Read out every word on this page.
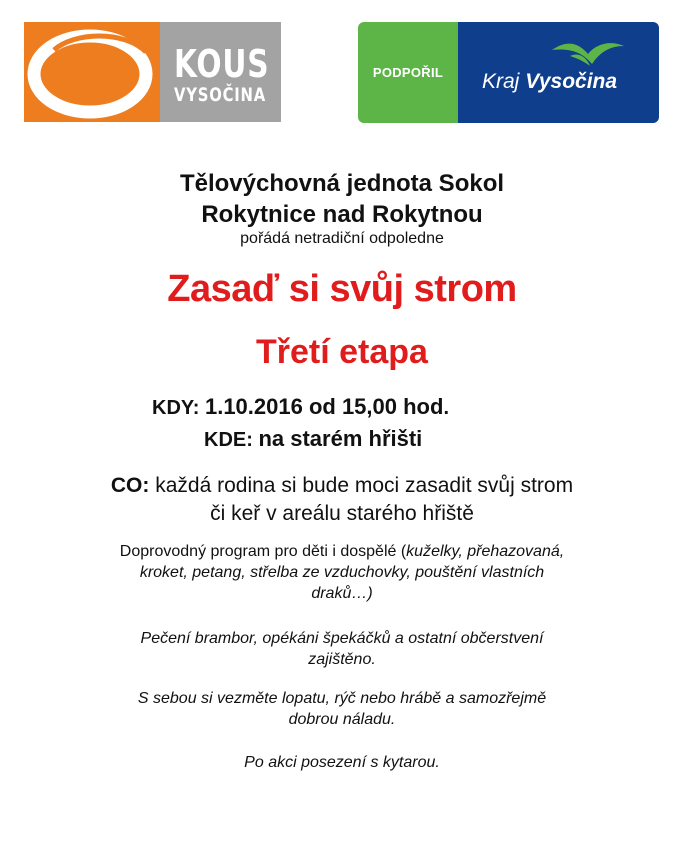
KOUS
VYSOČINA
PODPOŘIL	Kraj Vysočina
Tělovýchovná jednota Sokol
Rokytnice nad Rokytnou
pořádá netradiční odpoledne
Zasaď si svůj strom
Třetí etapa
KDY: 1.10.2016 od 15,00 hod.
KDE: na starém hřišti
CO: každá rodina si bude moci zasadit svůj strom
či keř v areálu starého hřiště
Doprovodný program pro děti i dospělé (kuželky, přehazovaná,
kroket, petang, střelba ze vzduchovky, pouštění vlastních
draků…)
Pečení brambor, opékáni špekáčků a ostatní občerstvení
zajištěno.
S sebou si vezměte lopatu, rýč nebo hrábě a samozřejmě
dobrou náladu.
Po akci posezení s kytarou.
